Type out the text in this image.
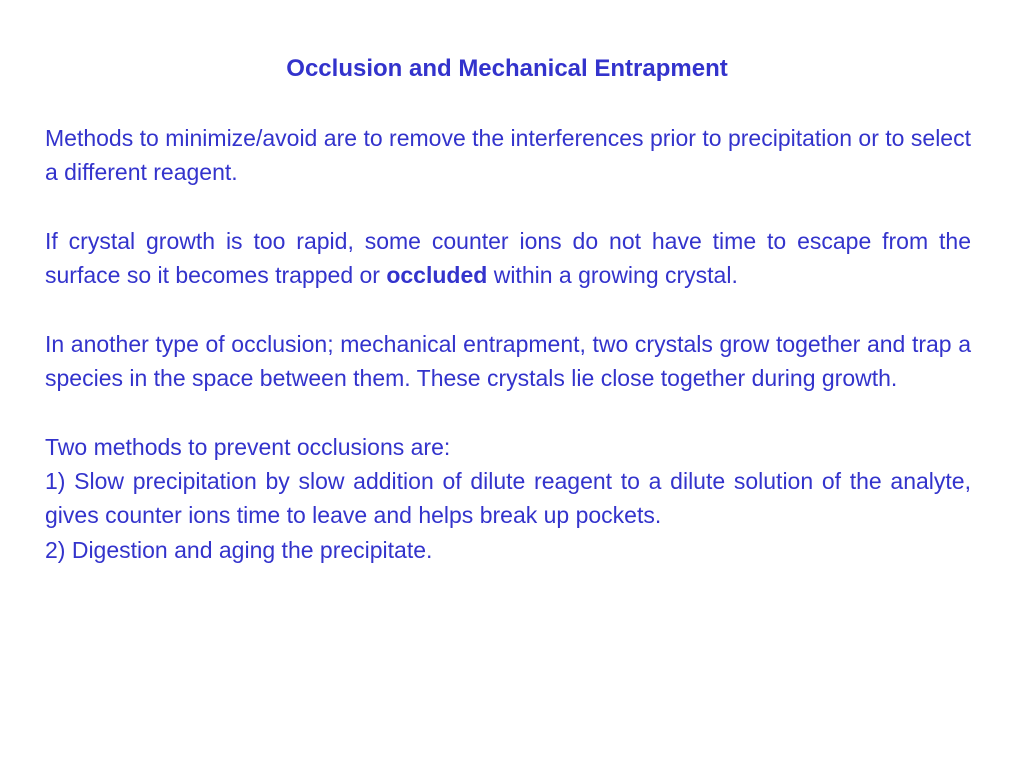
Occlusion and Mechanical Entrapment

Methods to minimize/avoid are to remove the interferences prior to precipitation or to select a different reagent.

If crystal growth is too rapid, some counter ions do not have time to escape from the surface so it becomes trapped or occluded within a growing crystal.

In another type of occlusion; mechanical entrapment, two crystals grow together and trap a species in the space between them. These crystals lie close together during growth.

Two methods to prevent occlusions are:

1) Slow precipitation by slow addition of dilute reagent to a dilute solution of the analyte, gives counter ions time to leave and helps break up pockets.
2) Digestion and aging the precipitate.
